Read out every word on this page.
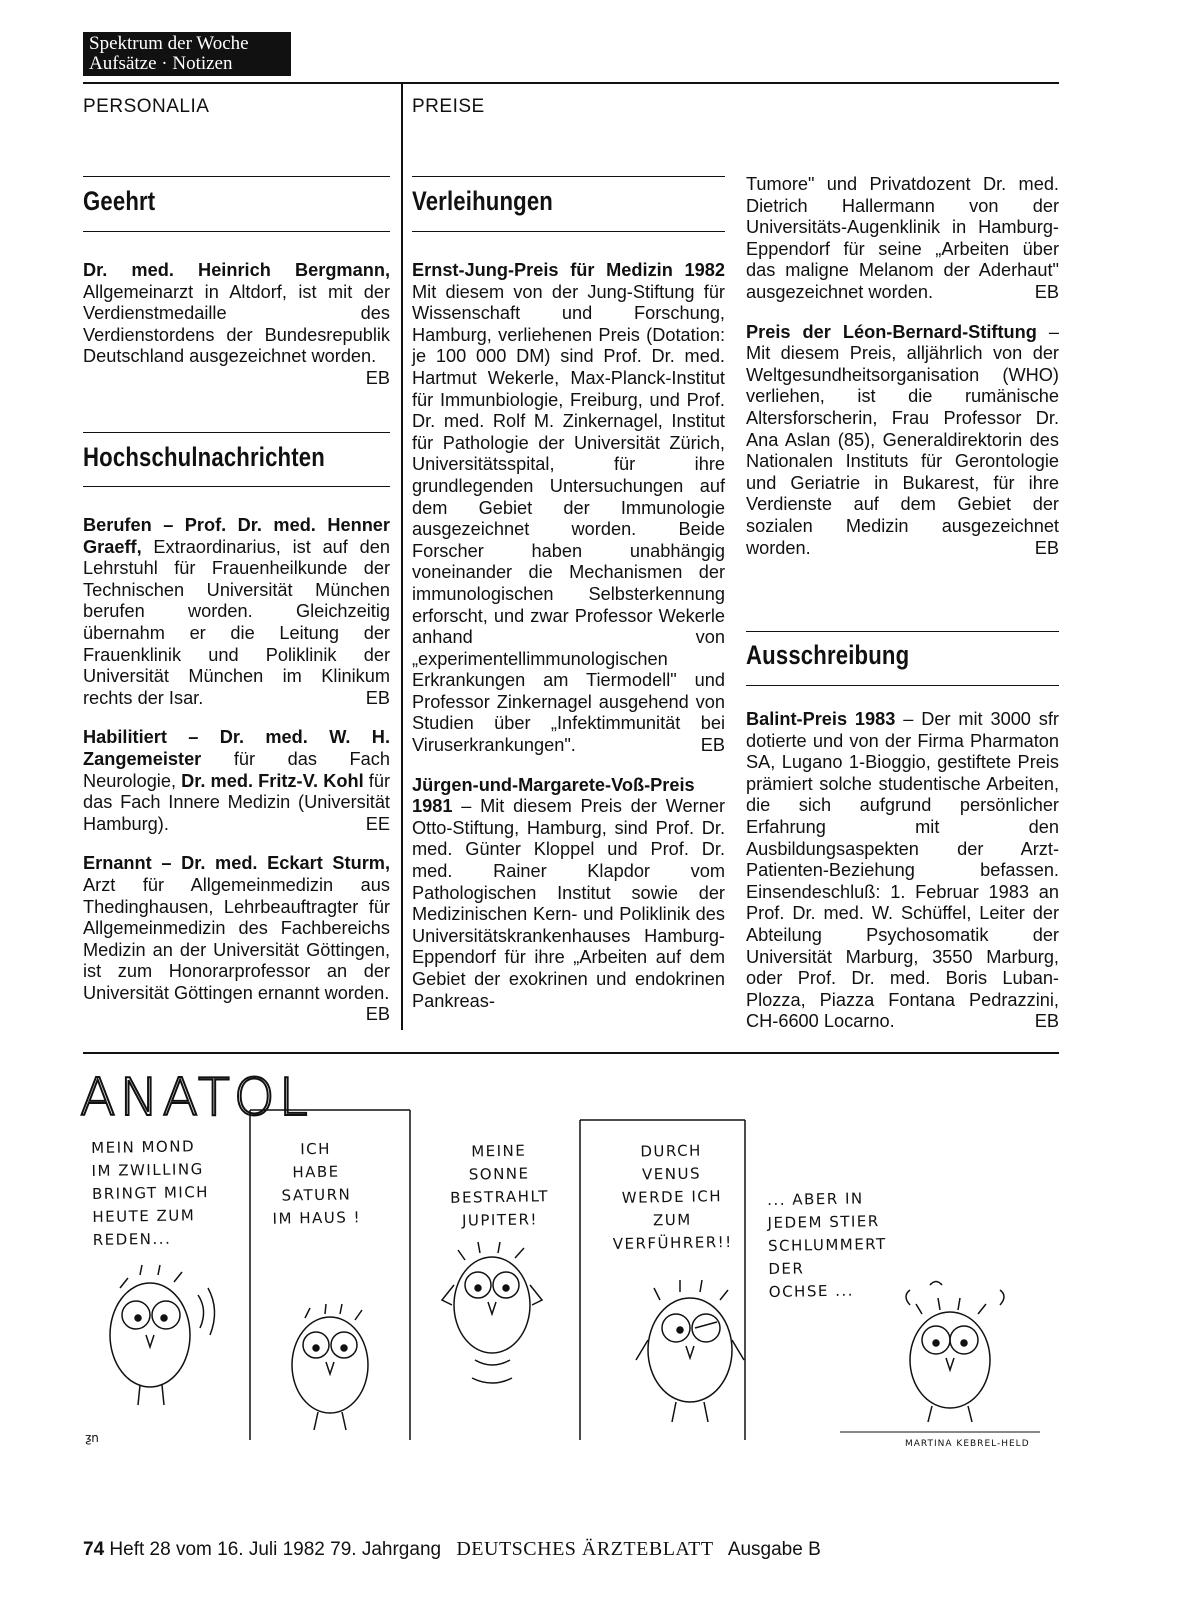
Spektrum der Woche
Aufsätze · Notizen
PERSONALIA	PREISE
Geehrt

Dr. med. Heinrich Bergmann, Allgemeinarzt in Altdorf, ist mit der Verdienstmedaille des Verdienstordens der Bundesrepublik Deutschland ausgezeichnet worden.
EB

Hochschulnachrichten

Berufen – Prof. Dr. med. Henner Graeff, Extraordinarius, ist auf den Lehrstuhl für Frauenheilkunde der Technischen Universität München berufen worden. Gleichzeitig übernahm er die Leitung der Frauenklinik und Poliklinik der Universität München im Klinikum rechts der Isar.	EB

Habilitiert – Dr. med. W. H. Zangemeister für das Fach Neurologie, Dr. med. Fritz-V. Kohl für das Fach Innere Medizin (Universität Hamburg).	EE

Ernannt – Dr. med. Eckart Sturm, Arzt für Allgemeinmedizin aus Thedinghausen, Lehrbeauftragter für Allgemeinmedizin des Fachbereichs Medizin an der Universität Göttingen, ist zum Honorarprofessor an der Universität Göttingen ernannt worden.
EB

Verleihungen

Ernst-Jung-Preis für Medizin 1982 Mit diesem von der Jung-Stiftung für Wissenschaft und Forschung, Hamburg, verliehenen Preis (Dotation: je 100 000 DM) sind Prof. Dr. med. Hartmut Wekerle, Max-Planck-Institut für Immunbiologie, Freiburg, und Prof. Dr. med. Rolf M. Zinkernagel, Institut für Pathologie der Universität Zürich, Universitätsspital, für ihre grundlegenden Untersuchungen auf dem Gebiet der Immunologie ausgezeichnet worden. Beide Forscher haben unabhängig voneinander die Mechanismen der immunologischen Selbsterkennung erforscht, und zwar Professor Wekerle anhand von „experimentellimmunologischen Erkrankungen am Tiermodell" und Professor Zinkernagel ausgehend von Studien über „Infektimmunität bei Viruserkrankungen".	EB

Jürgen-und-Margarete-Voß-Preis 1981 – Mit diesem Preis der Werner Otto-Stiftung, Hamburg, sind Prof. Dr. med. Günter Kloppel und Prof. Dr. med. Rainer Klapdor vom Pathologischen Institut sowie der Medizinischen Kern- und Poliklinik des Universitätskrankenhauses Hamburg-Eppendorf für ihre „Arbeiten auf dem Gebiet der exokrinen und endokrinen Pankreas-

Tumore" und Privatdozent Dr. med. Dietrich Hallermann von der Universitäts-Augenklinik in Hamburg-Eppendorf für seine „Arbeiten über das maligne Melanom der Aderhaut" ausgezeichnet worden.	EB

Preis der Léon-Bernard-Stiftung – Mit diesem Preis, alljährlich von der Weltgesundheitsorganisation (WHO) verliehen, ist die rumänische Altersforscherin, Frau Professor Dr. Ana Aslan (85), Generaldirektorin des Nationalen Instituts für Gerontologie und Geriatrie in Bukarest, für ihre Verdienste auf dem Gebiet der sozialen Medizin ausgezeichnet worden.	EB

Ausschreibung

Balint-Preis 1983 – Der mit 3000 sfr dotierte und von der Firma Pharmaton SA, Lugano 1-Bioggio, gestiftete Preis prämiert solche studentische Arbeiten, die sich aufgrund persönlicher Erfahrung mit den Ausbildungsaspekten der Arzt-Patienten-Beziehung befassen. Einsendeschluß: 1. Februar 1983 an Prof. Dr. med. W. Schüffel, Leiter der Abteilung Psychosomatik der Universität Marburg, 3550 Marburg, oder Prof. Dr. med. Boris Luban-Plozza, Piazza Fontana Pedrazzini, CH-6600 Locarno.	EB

ANATOL
ƺn	MARTINA KEBREL-HELD
MEIN MOND
IM ZWILLING
BRINGT MICH
HEUTE ZUM
REDEN...
ICH
HABE
SATURN
IM HAUS !
MEINE
SONNE
BESTRAHLT
JUPITER!
DURCH
VENUS
WERDE ICH
ZUM
VERFÜHRER!!
... ABER IN
JEDEM STIER
SCHLUMMERT
DER
OCHSE ...
74 Heft 28 vom 16. Juli 1982 79. Jahrgang DEUTSCHES ÄRZTEBLATT Ausgabe B
